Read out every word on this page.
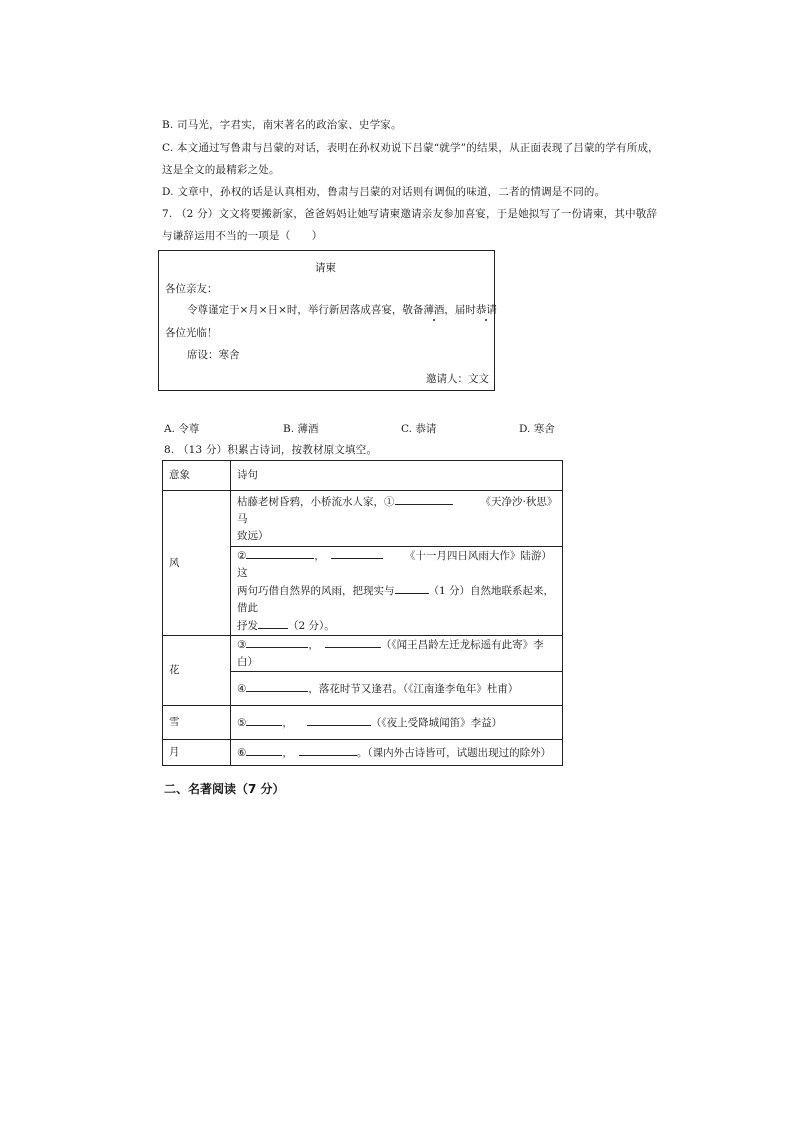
B. 司马光，字君实，南宋著名的政治家、史学家。
C. 本文通过写鲁肃与吕蒙的对话，表明在孙权劝说下吕蒙“就学”的结果，从正面表现了吕蒙的学有所成，
这是全文的最精彩之处。
D. 文章中，孙权的话是认真相劝，鲁肃与吕蒙的对话则有调侃的味道，二者的情调是不同的。
7. （2 分）文文将要搬新家，爸爸妈妈让她写请柬邀请亲友参加喜宴，于是她拟写了一份请柬，其中敬辞
与谦辞运用不当的一项是（　　）
请柬
各位亲友：
令尊谨定于×月×日×时，举行新居落成喜宴，敬备薄酒，届时恭请
各位光临！
席设：寒舍
邀请人：文文
A. 令尊	B. 薄酒	C. 恭请	D. 寒舍
8. （13 分）积累古诗词，按教材原文填空。
意象	诗句
风	枯藤老树昏鸦，小桥流水人家，① 《天净沙·秋思》马
致远）
	② ， 《十一月四日风雨大作》陆游） 这
两句巧借自然界的风雨，把现实与 （1 分）自然地联系起来，借此
抒发 （2 分）。
花	③ ， （《闻王昌龄左迁龙标遥有此寄》李白）
	④ ，落花时节又逢君。（《江南逢李龟年》杜甫）
雪	⑤ ， （《夜上受降城闻笛》李益）
月	⑥ ， 。（课内外古诗皆可，试题出现过的除外）
二、名著阅读（7 分）
